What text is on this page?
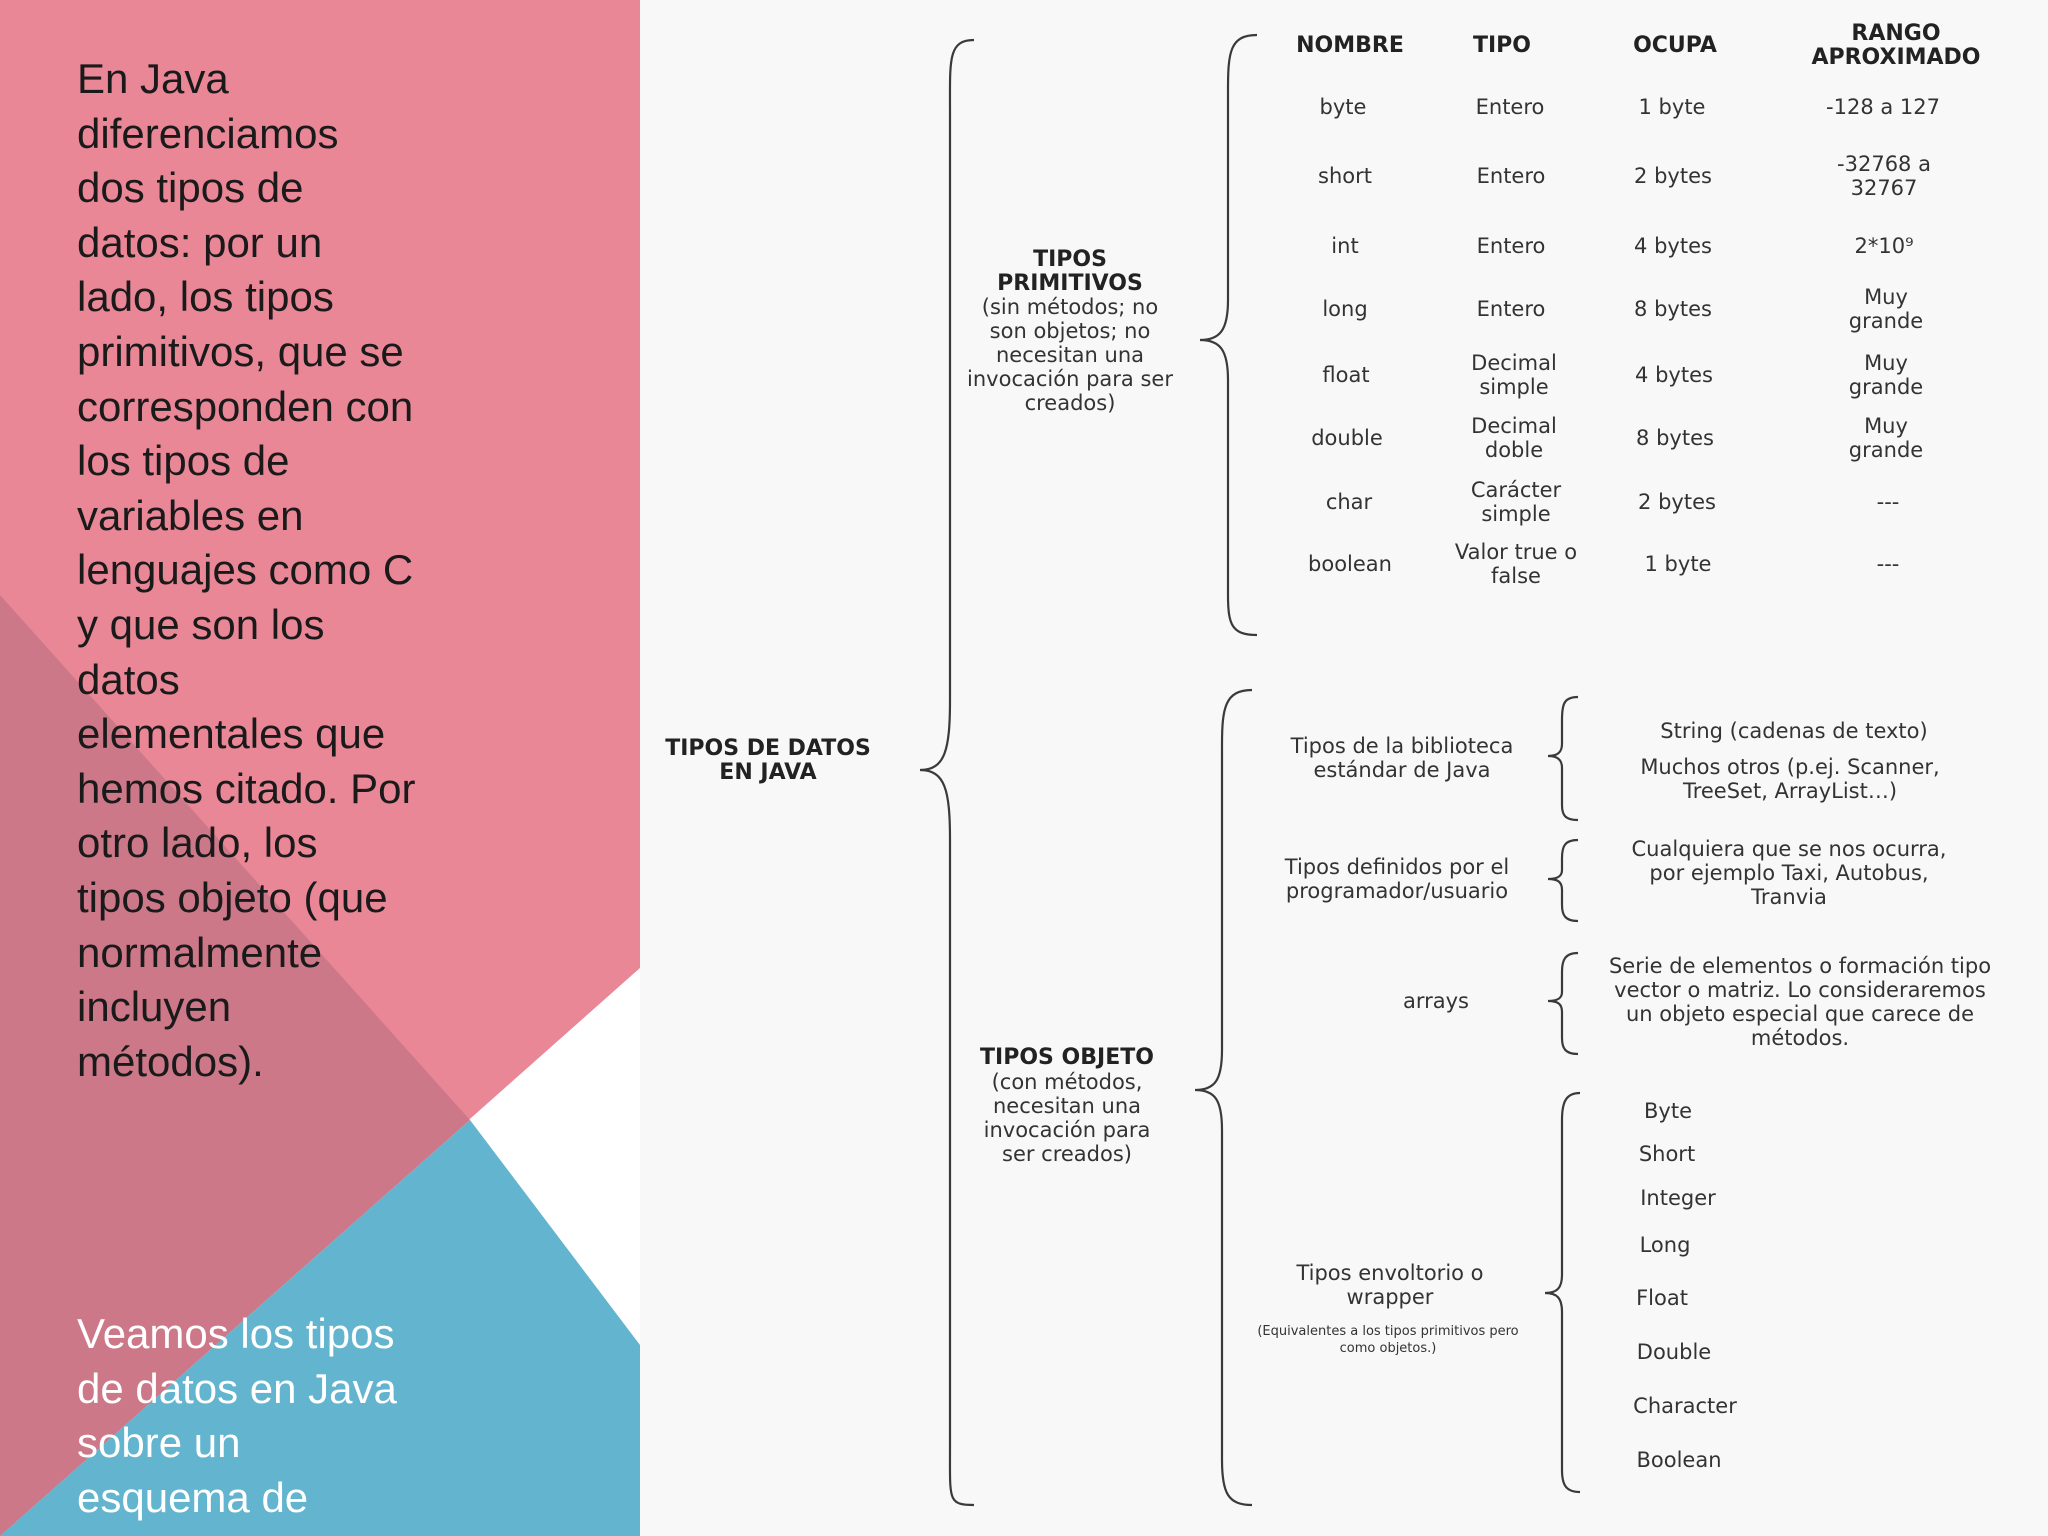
En Java diferenciamos dos tipos de datos: por un lado, los tipos primitivos, que se corresponden con los tipos de variables en lenguajes como C y que son los datos elementales que hemos citado. Por otro lado, los tipos objeto (que normalmente incluyen métodos).
Veamos los tipos de datos en Java sobre un esquema de
TIPOS DE DATOS EN JAVA
TIPOS PRIMITIVOS
(sin métodos; no son objetos; no necesitan una invocación para ser creados)
NOMBRE	TIPO	OCUPA	RANGO APROXIMADO
byte	Entero	1 byte	-128 a 127
short	Entero	2 bytes	-32768 a 32767
int	Entero	4 bytes	2*10⁹
long	Entero	8 bytes	Muy grande
float	Decimal simple	4 bytes	Muy grande
double	Decimal doble	8 bytes	Muy grande
char	Carácter simple	2 bytes	---
boolean	Valor true o false	1 byte	---
TIPOS OBJETO
(con métodos, necesitan una invocación para ser creados)
Tipos de la biblioteca estándar de Java
String (cadenas de texto)
Muchos otros (p.ej. Scanner, TreeSet, ArrayList…)
Tipos definidos por el programador/usuario
Cualquiera que se nos ocurra, por ejemplo Taxi, Autobus, Tranvia
arrays
Serie de elementos o formación tipo vector o matriz. Lo consideraremos un objeto especial que carece de métodos.
Tipos envoltorio o wrapper
(Equivalentes a los tipos primitivos pero como objetos.)
Byte
Short
Integer
Long
Float
Double
Character
Boolean
